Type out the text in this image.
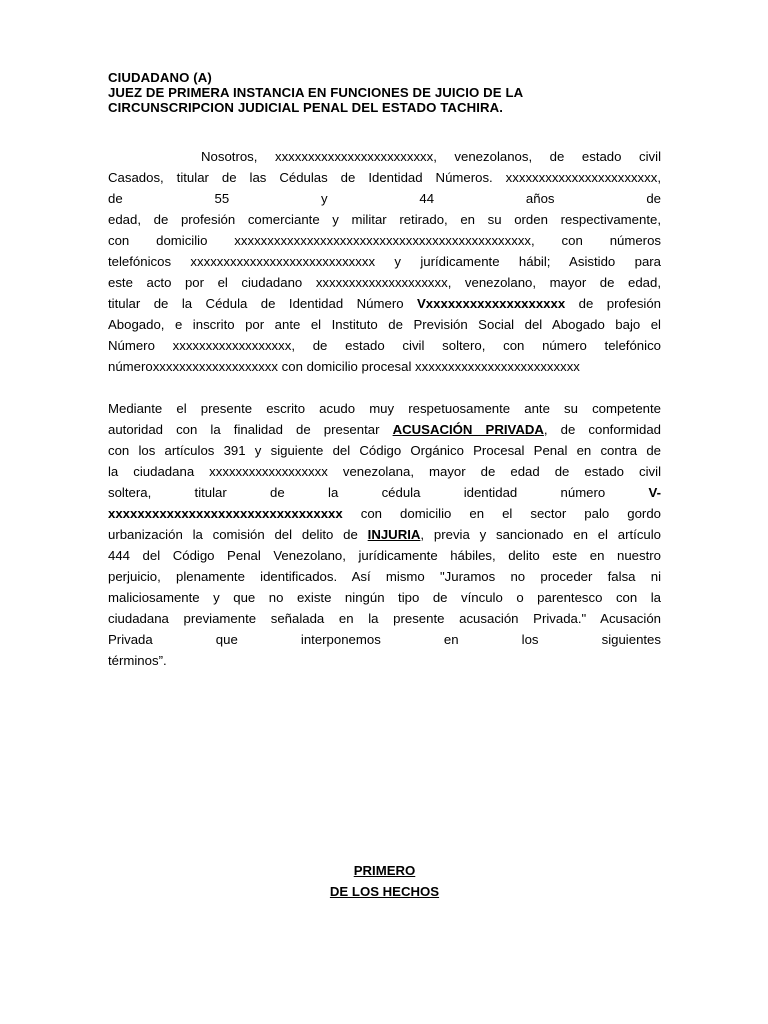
CIUDADANO (A)
JUEZ DE PRIMERA INSTANCIA EN FUNCIONES DE JUICIO DE LA
CIRCUNSCRIPCION JUDICIAL PENAL DEL ESTADO TACHIRA.
Nosotros, xxxxxxxxxxxxxxxxxxxxxxxx, venezolanos, de estado civil
Casados, titular de las Cédulas de Identidad Números. xxxxxxxxxxxxxxxxxxxxxxx,
de 55 y 44 años de
edad, de profesión comerciante y militar retirado, en su orden respectivamente,
con domicilio xxxxxxxxxxxxxxxxxxxxxxxxxxxxxxxxxxxxxxxxxxxxx, con números
telefónicos xxxxxxxxxxxxxxxxxxxxxxxxxxxx y jurídicamente hábil; Asistido para
este acto por el ciudadano xxxxxxxxxxxxxxxxxxxx, venezolano, mayor de edad,
titular de la Cédula de Identidad Número Vxxxxxxxxxxxxxxxxxxx de profesión
Abogado, e inscrito por ante el Instituto de Previsión Social del Abogado bajo el
Número xxxxxxxxxxxxxxxxxx, de estado civil soltero, con número telefónico
númeroxxxxxxxxxxxxxxxxxxx con domicilio procesal xxxxxxxxxxxxxxxxxxxxxxxxx
Mediante el presente escrito acudo muy respetuosamente ante su competente
autoridad con la finalidad de presentar ACUSACIÓN PRIVADA, de conformidad
con los artículos 391 y siguiente del Código Orgánico Procesal Penal en contra de
la ciudadana xxxxxxxxxxxxxxxxxx venezolana, mayor de edad de estado civil
soltera, titular de la cédula identidad número V-
xxxxxxxxxxxxxxxxxxxxxxxxxxxxxxxx con domicilio en el sector palo gordo
urbanización la comisión del delito de INJURIA, previa y sancionado en el artículo
444 del Código Penal Venezolano, jurídicamente hábiles, delito este en nuestro
perjuicio, plenamente identificados. Así mismo "Juramos no proceder falsa ni
maliciosamente y que no existe ningún tipo de vínculo o parentesco con la
ciudadana previamente señalada en la presente acusación Privada." Acusación
Privada que interponemos en los siguientes
términos”.
PRIMERO
DE LOS HECHOS
